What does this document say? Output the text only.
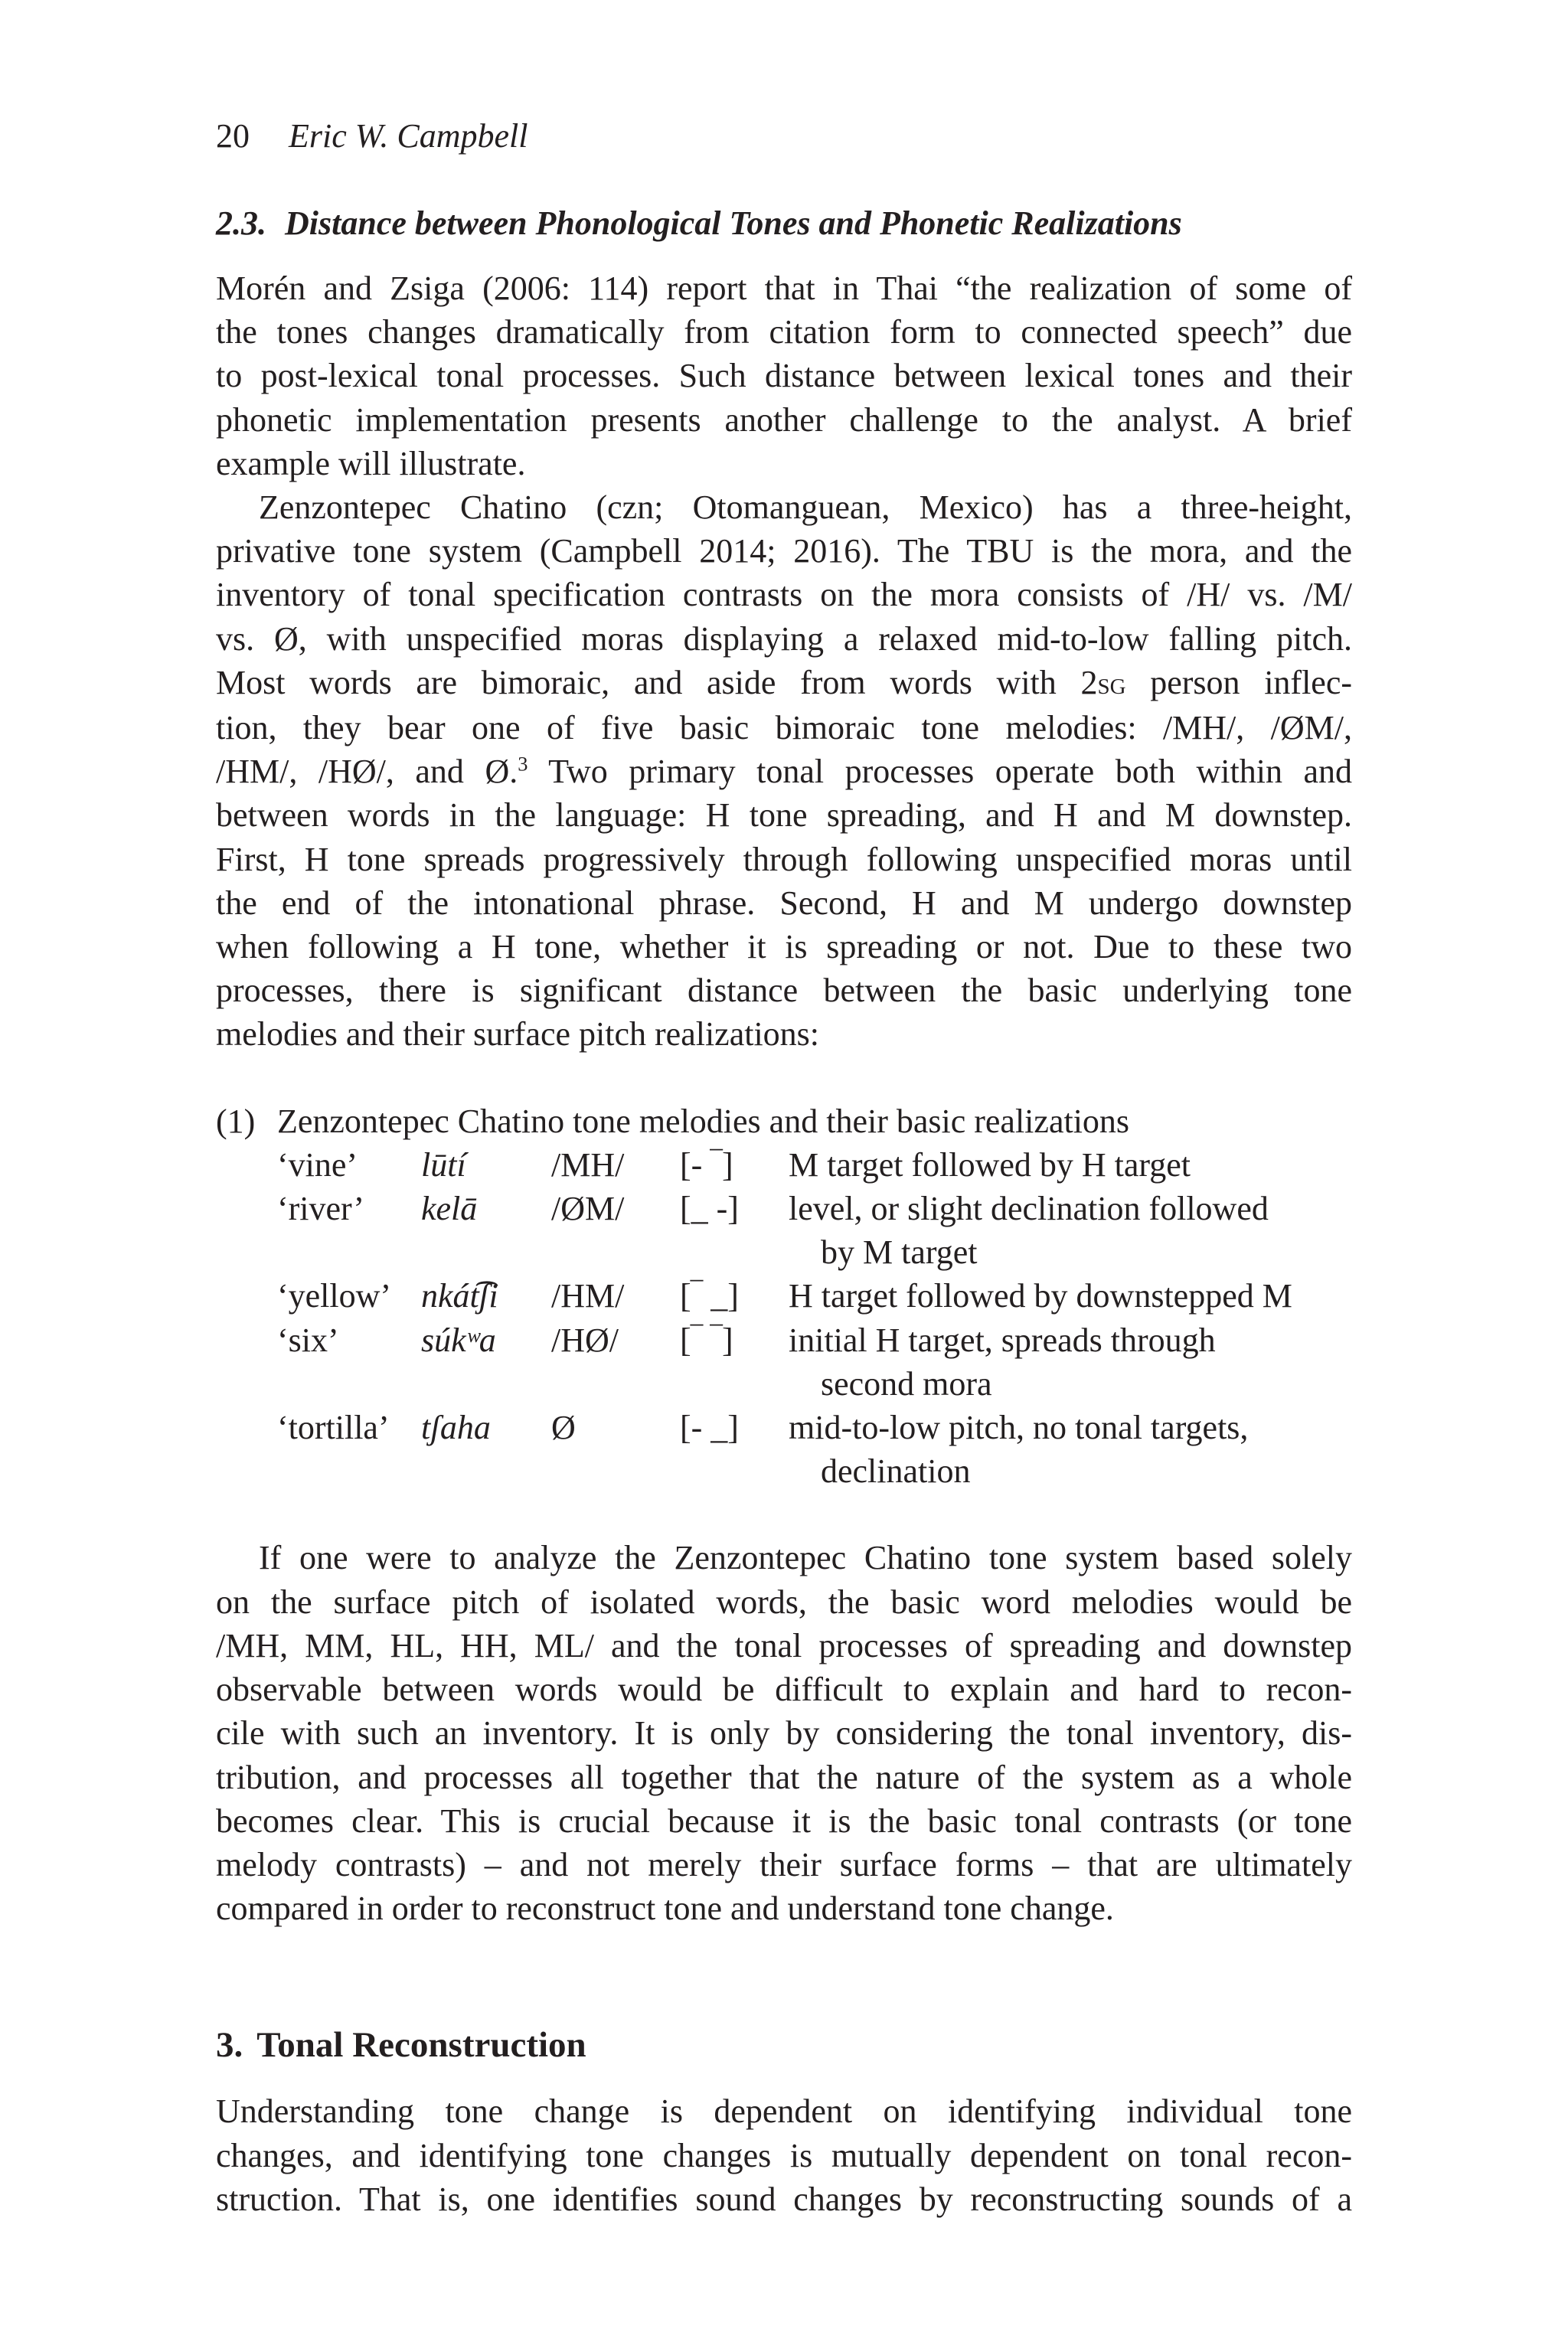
20 Eric W. Campbell
2.3. Distance between Phonological Tones and Phonetic Realizations

Morén and Zsiga (2006: 114) report that in Thai “the realization of some of
the tones changes dramatically from citation form to connected speech” due
to post-lexical tonal processes. Such distance between lexical tones and their
phonetic implementation presents another challenge to the analyst. A brief
example will illustrate.

Zenzontepec Chatino (czn; Otomanguean, Mexico) has a three-height,
privative tone system (Campbell 2014; 2016). The TBU is the mora, and the
inventory of tonal specification contrasts on the mora consists of /H/ vs. /M/
vs. Ø, with unspecified moras displaying a relaxed mid-to-low falling pitch.
Most words are bimoraic, and aside from words with 2sg person inflec-
tion, they bear one of five basic bimoraic tone melodies: /MH/, /ØM/,
/HM/, /HØ/, and Ø.$^3$ Two primary tonal processes operate both within and
between words in the language: H tone spreading, and H and M downstep.
First, H tone spreads progressively through following unspecified moras until
the end of the intonational phrase. Second, H and M undergo downstep
when following a H tone, whether it is spreading or not. Due to these two
processes, there is significant distance between the basic underlying tone
melodies and their surface pitch realizations:

(1) Zenzontepec Chatino tone melodies and their basic realizations
‘vine’	lūtí	/MH/	[- ‾]	M target followed by H target
‘river’	kelā	/ØM/	[_ -]	level, or slight declination followed
by M target

‘yellow’	nkát͡ʃi	/HM/	[‾ _]	H target followed by downstepped M
‘six’	súkʷa	/HØ/	[‾ ‾]	initial H target, spreads through
second mora

‘tortilla’	tʃaha	Ø	[- _]	mid-to-low pitch, no tonal targets,
declination

If one were to analyze the Zenzontepec Chatino tone system based solely
on the surface pitch of isolated words, the basic word melodies would be
/MH, MM, HL, HH, ML/ and the tonal processes of spreading and downstep
observable between words would be difficult to explain and hard to recon-
cile with such an inventory. It is only by considering the tonal inventory, dis-
tribution, and processes all together that the nature of the system as a whole
becomes clear. This is crucial because it is the basic tonal contrasts (or tone
melody contrasts) – and not merely their surface forms – that are ultimately
compared in order to reconstruct tone and understand tone change.

3. Tonal Reconstruction

Understanding tone change is dependent on identifying individual tone
changes, and identifying tone changes is mutually dependent on tonal recon-
struction. That is, one identifies sound changes by reconstructing sounds of a
